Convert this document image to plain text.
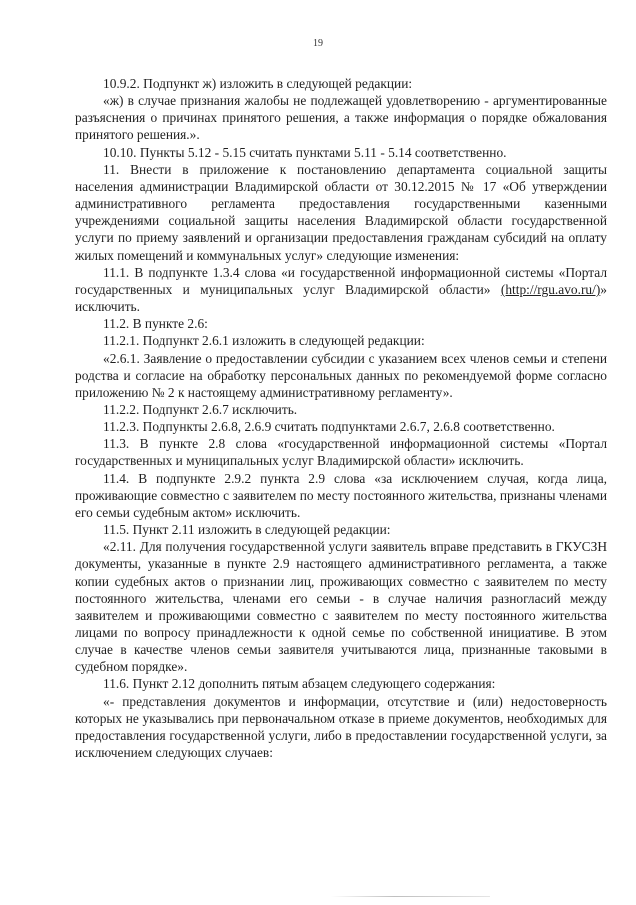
19

10.9.2. Подпункт ж) изложить в следующей редакции:

«ж) в случае признания жалобы не подлежащей удовлетворению - аргументированные разъяснения о причинах принятого решения, а также информация о порядке обжалования принятого решения.».

10.10. Пункты 5.12 - 5.15 считать пунктами 5.11 - 5.14 соответственно.

11. Внести в приложение к постановлению департамента социальной защиты населения администрации Владимирской области от 30.12.2015 № 17 «Об утверждении административного регламента предоставления государственными казенными учреждениями социальной защиты населения Владимирской области государственной услуги по приему заявлений и организации предоставления гражданам субсидий на оплату жилых помещений и коммунальных услуг» следующие изменения:

11.1. В подпункте 1.3.4 слова «и государственной информационной системы «Портал государственных и муниципальных услуг Владимирской области» (http://rgu.avo.ru/)» исключить.

11.2. В пункте 2.6:

11.2.1. Подпункт 2.6.1 изложить в следующей редакции:

«2.6.1. Заявление о предоставлении субсидии с указанием всех членов семьи и степени родства и согласие на обработку персональных данных по рекомендуемой форме согласно приложению № 2 к настоящему административному регламенту».

11.2.2. Подпункт 2.6.7 исключить.

11.2.3. Подпункты 2.6.8, 2.6.9 считать подпунктами 2.6.7, 2.6.8 соответственно.

11.3. В пункте 2.8 слова «государственной информационной системы «Портал государственных и муниципальных услуг Владимирской области» исключить.

11.4. В подпункте 2.9.2 пункта 2.9 слова «за исключением случая, когда лица, проживающие совместно с заявителем по месту постоянного жительства, признаны членами его семьи судебным актом» исключить.

11.5. Пункт 2.11 изложить в следующей редакции:

«2.11. Для получения государственной услуги заявитель вправе представить в ГКУСЗН документы, указанные в пункте 2.9 настоящего административного регламента, а также копии судебных актов о признании лиц, проживающих совместно с заявителем по месту постоянного жительства, членами его семьи - в случае наличия разногласий между заявителем и проживающими совместно с заявителем по месту постоянного жительства лицами по вопросу принадлежности к одной семье по собственной инициативе. В этом случае в качестве членов семьи заявителя учитываются лица, признанные таковыми в судебном порядке».

11.6. Пункт 2.12 дополнить пятым абзацем следующего содержания:

«- представления документов и информации, отсутствие и (или) недостоверность которых не указывались при первоначальном отказе в приеме документов, необходимых для предоставления государственной услуги, либо в предоставлении государственной услуги, за исключением следующих случаев:
